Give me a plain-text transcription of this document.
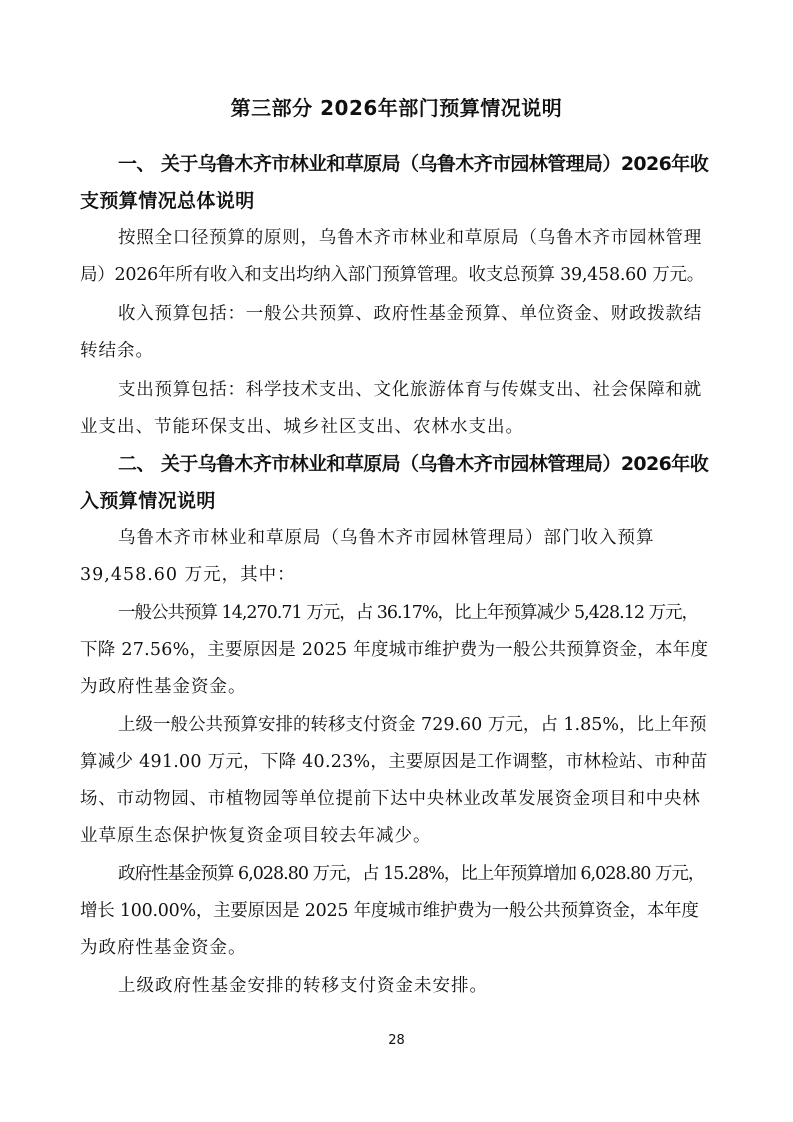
第三部分 2026年部门预算情况说明
一、 关于乌鲁木齐市林业和草原局（乌鲁木齐市园林管理局）2026年收
支预算情况总体说明
按照全口径预算的原则，乌鲁木齐市林业和草原局（乌鲁木齐市园林管理
局）2026年所有收入和支出均纳入部门预算管理。收支总预算 39,458.60 万元。
收入预算包括：一般公共预算、政府性基金预算、单位资金、财政拨款结
转结余。
支出预算包括：科学技术支出、文化旅游体育与传媒支出、社会保障和就
业支出、节能环保支出、城乡社区支出、农林水支出。
二、 关于乌鲁木齐市林业和草原局（乌鲁木齐市园林管理局）2026年收
入预算情况说明
乌鲁木齐市林业和草原局（乌鲁木齐市园林管理局）部门收入预算
39,458.60 万元，其中：
一般公共预算 14,270.71 万元，占 36.17%，比上年预算减少 5,428.12 万元，
下降 27.56%，主要原因是 2025 年度城市维护费为一般公共预算资金，本年度
为政府性基金资金。
上级一般公共预算安排的转移支付资金 729.60 万元，占 1.85%，比上年预
算减少 491.00 万元，下降 40.23%，主要原因是工作调整，市林检站、市种苗
场、市动物园、市植物园等单位提前下达中央林业改革发展资金项目和中央林
业草原生态保护恢复资金项目较去年减少。
政府性基金预算 6,028.80 万元，占 15.28%，比上年预算增加 6,028.80 万元，
增长 100.00%，主要原因是 2025 年度城市维护费为一般公共预算资金，本年度
为政府性基金资金。
上级政府性基金安排的转移支付资金未安排。
28
